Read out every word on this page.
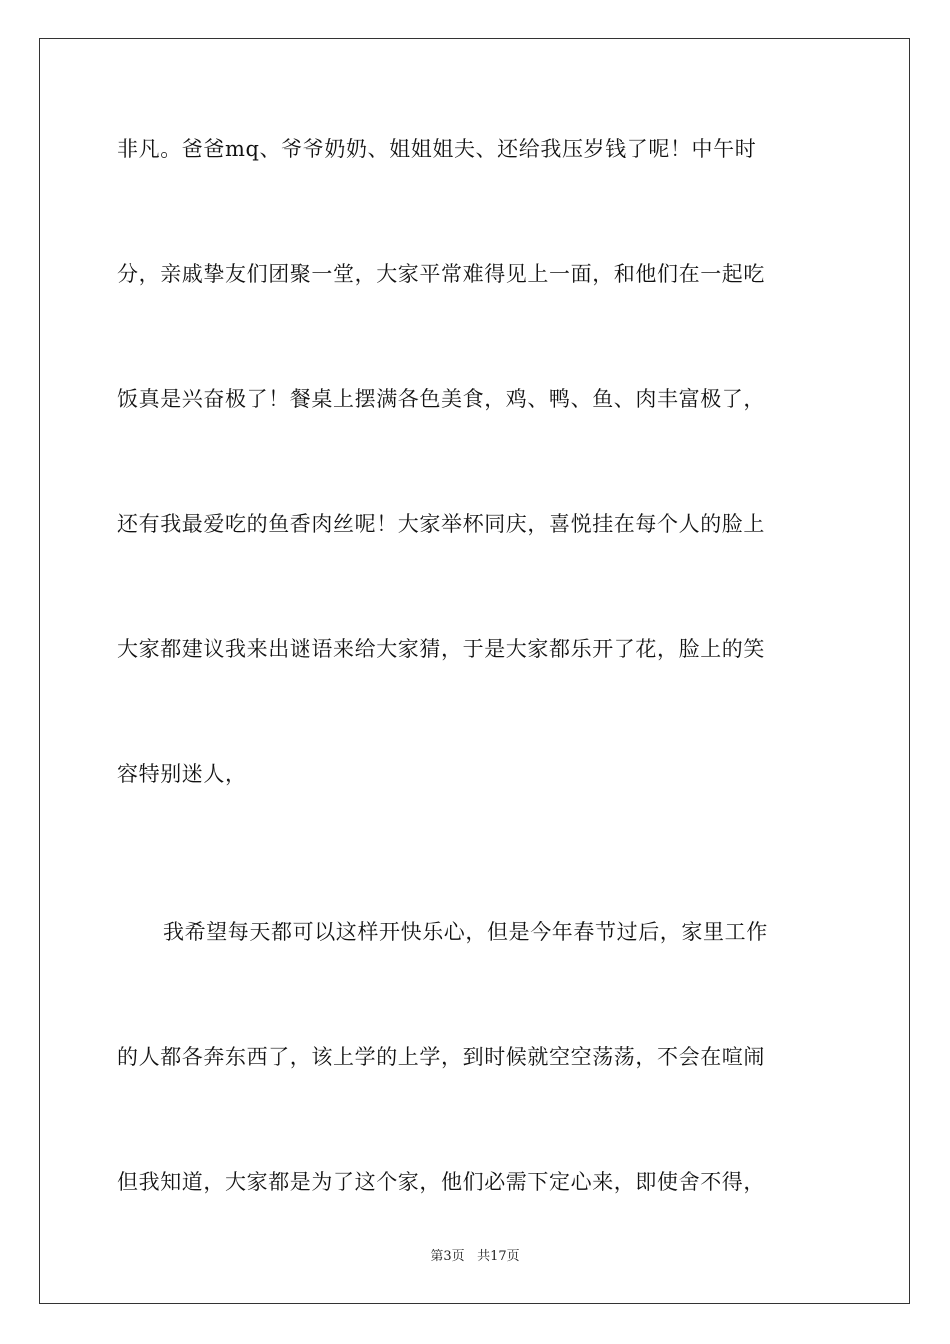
非凡。爸爸mq、爷爷奶奶、姐姐姐夫、还给我压岁钱了呢！中午时
分，亲戚挚友们团聚一堂，大家平常难得见上一面，和他们在一起吃
饭真是兴奋极了！餐桌上摆满各色美食，鸡、鸭、鱼、肉丰富极了，
还有我最爱吃的鱼香肉丝呢！大家举杯同庆，喜悦挂在每个人的脸上
大家都建议我来出谜语来给大家猜，于是大家都乐开了花，脸上的笑
容特别迷人，
我希望每天都可以这样开快乐心，但是今年春节过后，家里工作
的人都各奔东西了，该上学的上学，到时候就空空荡荡，不会在喧闹
但我知道，大家都是为了这个家，他们必需下定心来，即使舍不得，
第3页 共17页
